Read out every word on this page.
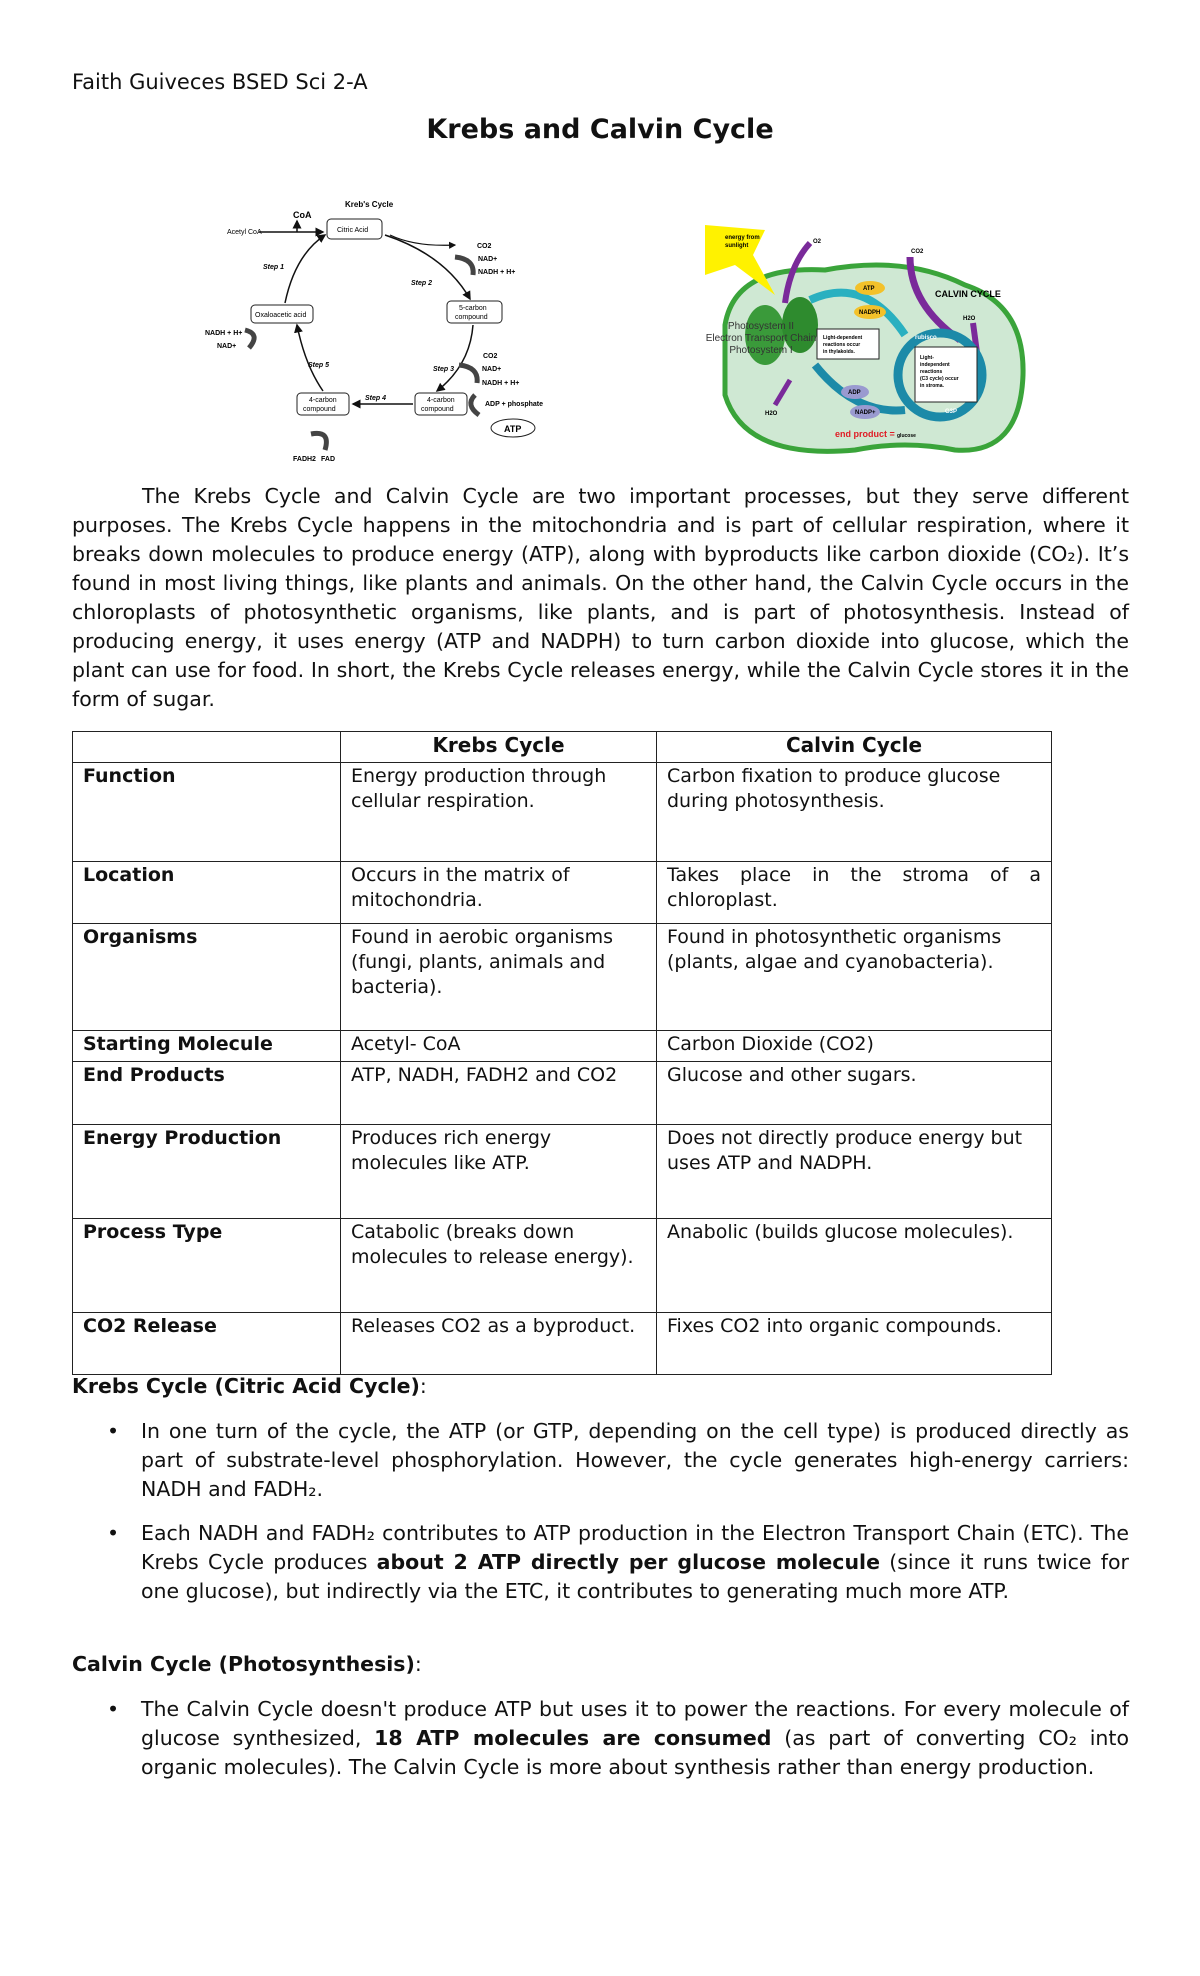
Faith Guiveces BSED Sci 2-A
Krebs and Calvin Cycle
Kreb's Cycle
CoA
Acetyl CoA	Citric Acid
5-carbon
compound
4-carbon
compound
4-carbon
compound
Oxaloacetic acid
Step 1
Step 2
Step 3
Step 4
Step 5
CO2
NAD+
NADH + H+
CO2
NAD+
NADH + H+
ADP + phosphate
ATP
NADH + H+
NAD+
FADH2 FAD
energy from
sunlight
O2
CO2
CALVIN CYCLE
H2O
ATP
NADPH
Photosystem II
Electron Transport Chain
Photosystem I
Light-dependent
reactions occur
in thylakoids.
rubisco
Light-
independent
reactions
(C3 cycle) occur
in stroma.
ADP
NADP+	G3P
H2O
end product = glucose

The Krebs Cycle and Calvin Cycle are two important processes, but they serve different purposes. The Krebs Cycle happens in the mitochondria and is part of cellular respiration, where it breaks down molecules to produce energy (ATP), along with byproducts like carbon dioxide (CO₂). It’s found in most living things, like plants and animals. On the other hand, the Calvin Cycle occurs in the chloroplasts of photosynthetic organisms, like plants, and is part of photosynthesis. Instead of producing energy, it uses energy (ATP and NADPH) to turn carbon dioxide into glucose, which the plant can use for food. In short, the Krebs Cycle releases energy, while the Calvin Cycle stores it in the form of sugar.

	Krebs Cycle	Calvin Cycle
Function	Energy production through cellular respiration.	Carbon fixation to produce glucose during photosynthesis.
Location	Occurs in the matrix of mitochondria.	Takes place in the stroma of a chloroplast.
Organisms	Found in aerobic organisms (fungi, plants, animals and bacteria).	Found in photosynthetic organisms (plants, algae and cyanobacteria).
Starting Molecule	Acetyl- CoA	Carbon Dioxide (CO2)
End Products	ATP, NADH, FADH2 and CO2	Glucose and other sugars.
Energy Production	Produces rich energy molecules like ATP.	Does not directly produce energy but uses ATP and NADPH.
Process Type	Catabolic (breaks down molecules to release energy).	Anabolic (builds glucose molecules).
CO2 Release	Releases CO2 as a byproduct.	Fixes CO2 into organic compounds.
Krebs Cycle (Citric Acid Cycle):

• In one turn of the cycle, the ATP (or GTP, depending on the cell type) is produced directly as part of substrate-level phosphorylation. However, the cycle generates high-energy carriers: NADH and FADH₂.

• Each NADH and FADH₂ contributes to ATP production in the Electron Transport Chain (ETC). The Krebs Cycle produces about 2 ATP directly per glucose molecule (since it runs twice for one glucose), but indirectly via the ETC, it contributes to generating much more ATP.

Calvin Cycle (Photosynthesis):

• The Calvin Cycle doesn't produce ATP but uses it to power the reactions. For every molecule of glucose synthesized, 18 ATP molecules are consumed (as part of converting CO₂ into organic molecules). The Calvin Cycle is more about synthesis rather than energy production.
